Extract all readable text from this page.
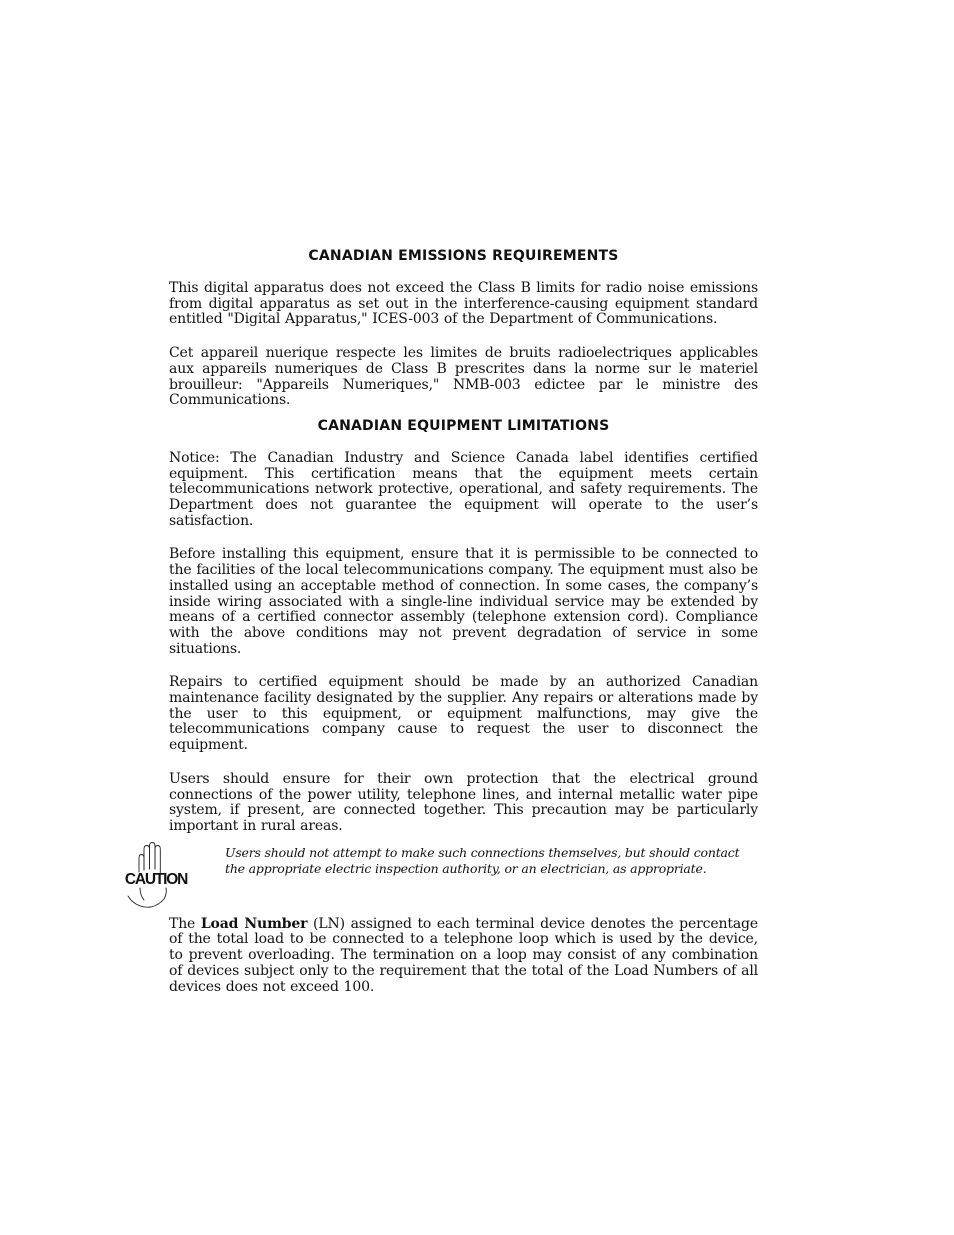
CANADIAN EMISSIONS REQUIREMENTS

This digital apparatus does not exceed the Class B limits for radio noise emissions from digital apparatus as set out in the interference-causing equipment standard entitled "Digital Apparatus," ICES-003 of the Department of Communications.

Cet appareil nuerique respecte les limites de bruits radioelectriques applicables aux appareils numeriques de Class B prescrites dans la norme sur le materiel brouilleur: "Appareils Numeriques," NMB-003 edictee par le ministre des Communications.

CANADIAN EQUIPMENT LIMITATIONS

Notice: The Canadian Industry and Science Canada label identifies certified equipment. This certification means that the equipment meets certain telecommunications network protective, operational, and safety requirements. The Department does not guarantee the equipment will operate to the user’s satisfaction.

Before installing this equipment, ensure that it is permissible to be connected to the facilities of the local telecommunications company. The equipment must also be installed using an acceptable method of connection. In some cases, the company’s inside wiring associated with a single-line individual service may be extended by means of a certified connector assembly (telephone extension cord). Compliance with the above conditions may not prevent degradation of service in some situations.

Repairs to certified equipment should be made by an authorized Canadian maintenance facility designated by the supplier. Any repairs or alterations made by the user to this equipment, or equipment malfunctions, may give the telecommunications company cause to request the user to disconnect the equipment.

Users should ensure for their own protection that the electrical ground connections of the power utility, telephone lines, and internal metallic water pipe system, if present, are connected together. This precaution may be particularly important in rural areas.

CAUTION
Users should not attempt to make such connections themselves, but should contact the appropriate electric inspection authority, or an electrician, as appropriate.

The Load Number (LN) assigned to each terminal device denotes the percentage of the total load to be connected to a telephone loop which is used by the device, to prevent overloading. The termination on a loop may consist of any combination of devices subject only to the requirement that the total of the Load Numbers of all devices does not exceed 100.
